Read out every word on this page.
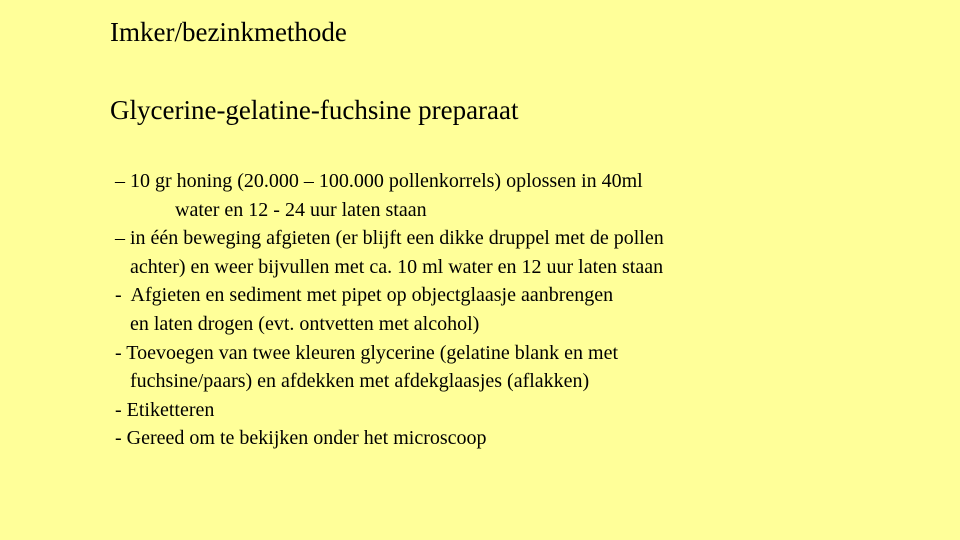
Imker/bezinkmethode
Glycerine-gelatine-fuchsine preparaat
– 10 gr honing (20.000 – 100.000 pollenkorrels) oplossen in 40ml
water en 12 - 24 uur laten staan
– in één beweging afgieten (er blijft een dikke druppel met de pollen
achter) en weer bijvullen met ca. 10 ml water en 12 uur laten staan
-  Afgieten en sediment met pipet op objectglaasje aanbrengen
en laten drogen (evt. ontvetten met alcohol)
- Toevoegen van twee kleuren glycerine (gelatine blank en met
fuchsine/paars) en afdekken met afdekglaasjes (aflakken)
- Etiketteren
- Gereed om te bekijken onder het microscoop
